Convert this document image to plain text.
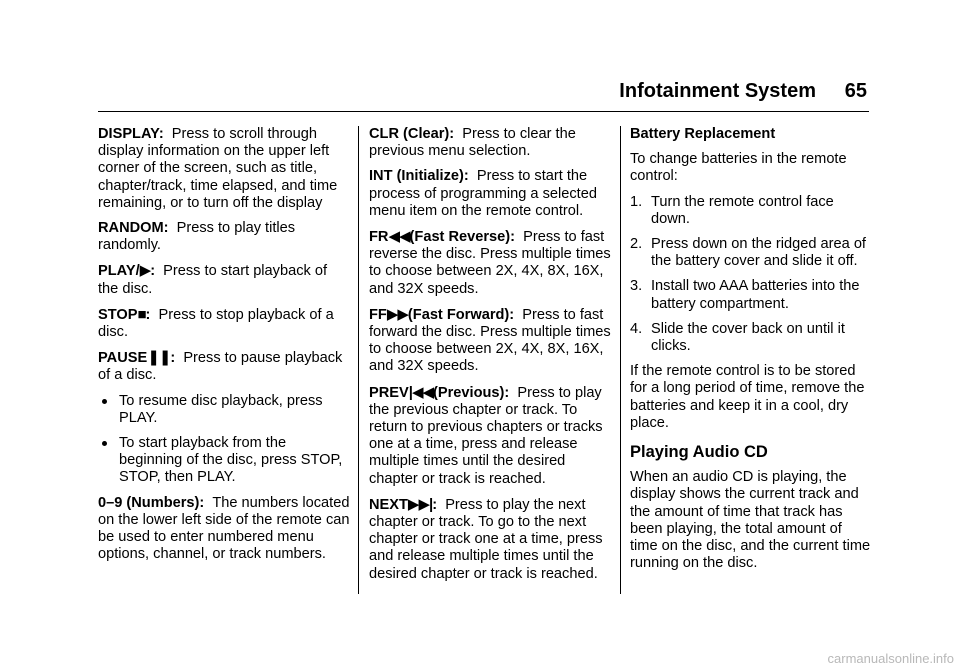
Infotainment System 65

DISPLAY: Press to scroll through display information on the upper left corner of the screen, such as title, chapter/track, time elapsed, and time remaining, or to turn off the display

RANDOM: Press to play titles randomly.

PLAY/▶: Press to start playback of the disc.

STOP■: Press to stop playback of a disc.

PAUSE❚❚: Press to pause playback of a disc.

To resume disc playback, press PLAY.
To start playback from the beginning of the disc, press STOP, STOP, then PLAY.

0–9 (Numbers): The numbers located on the lower left side of the remote can be used to enter numbered menu options, channel, or track numbers.

CLR (Clear): Press to clear the previous menu selection.

INT (Initialize): Press to start the process of programming a selected menu item on the remote control.

FR◀◀(Fast Reverse): Press to fast reverse the disc. Press multiple times to choose between 2X, 4X, 8X, 16X, and 32X speeds.

FF▶▶(Fast Forward): Press to fast forward the disc. Press multiple times to choose between 2X, 4X, 8X, 16X, and 32X speeds.

PREV|◀◀(Previous): Press to play the previous chapter or track. To return to previous chapters or tracks one at a time, press and release multiple times until the desired chapter or track is reached.

NEXT▶▶|: Press to play the next chapter or track. To go to the next chapter or track one at a time, press and release multiple times until the desired chapter or track is reached.

Battery Replacement

To change batteries in the remote control:

1. Turn the remote control face down.
2. Press down on the ridged area of the battery cover and slide it off.
3. Install two AAA batteries into the battery compartment.
4. Slide the cover back on until it clicks.

If the remote control is to be stored for a long period of time, remove the batteries and keep it in a cool, dry place.

Playing Audio CD

When an audio CD is playing, the display shows the current track and the amount of time that track has been playing, the total amount of time on the disc, and the current time running on the disc.

carmanualsonline.info
